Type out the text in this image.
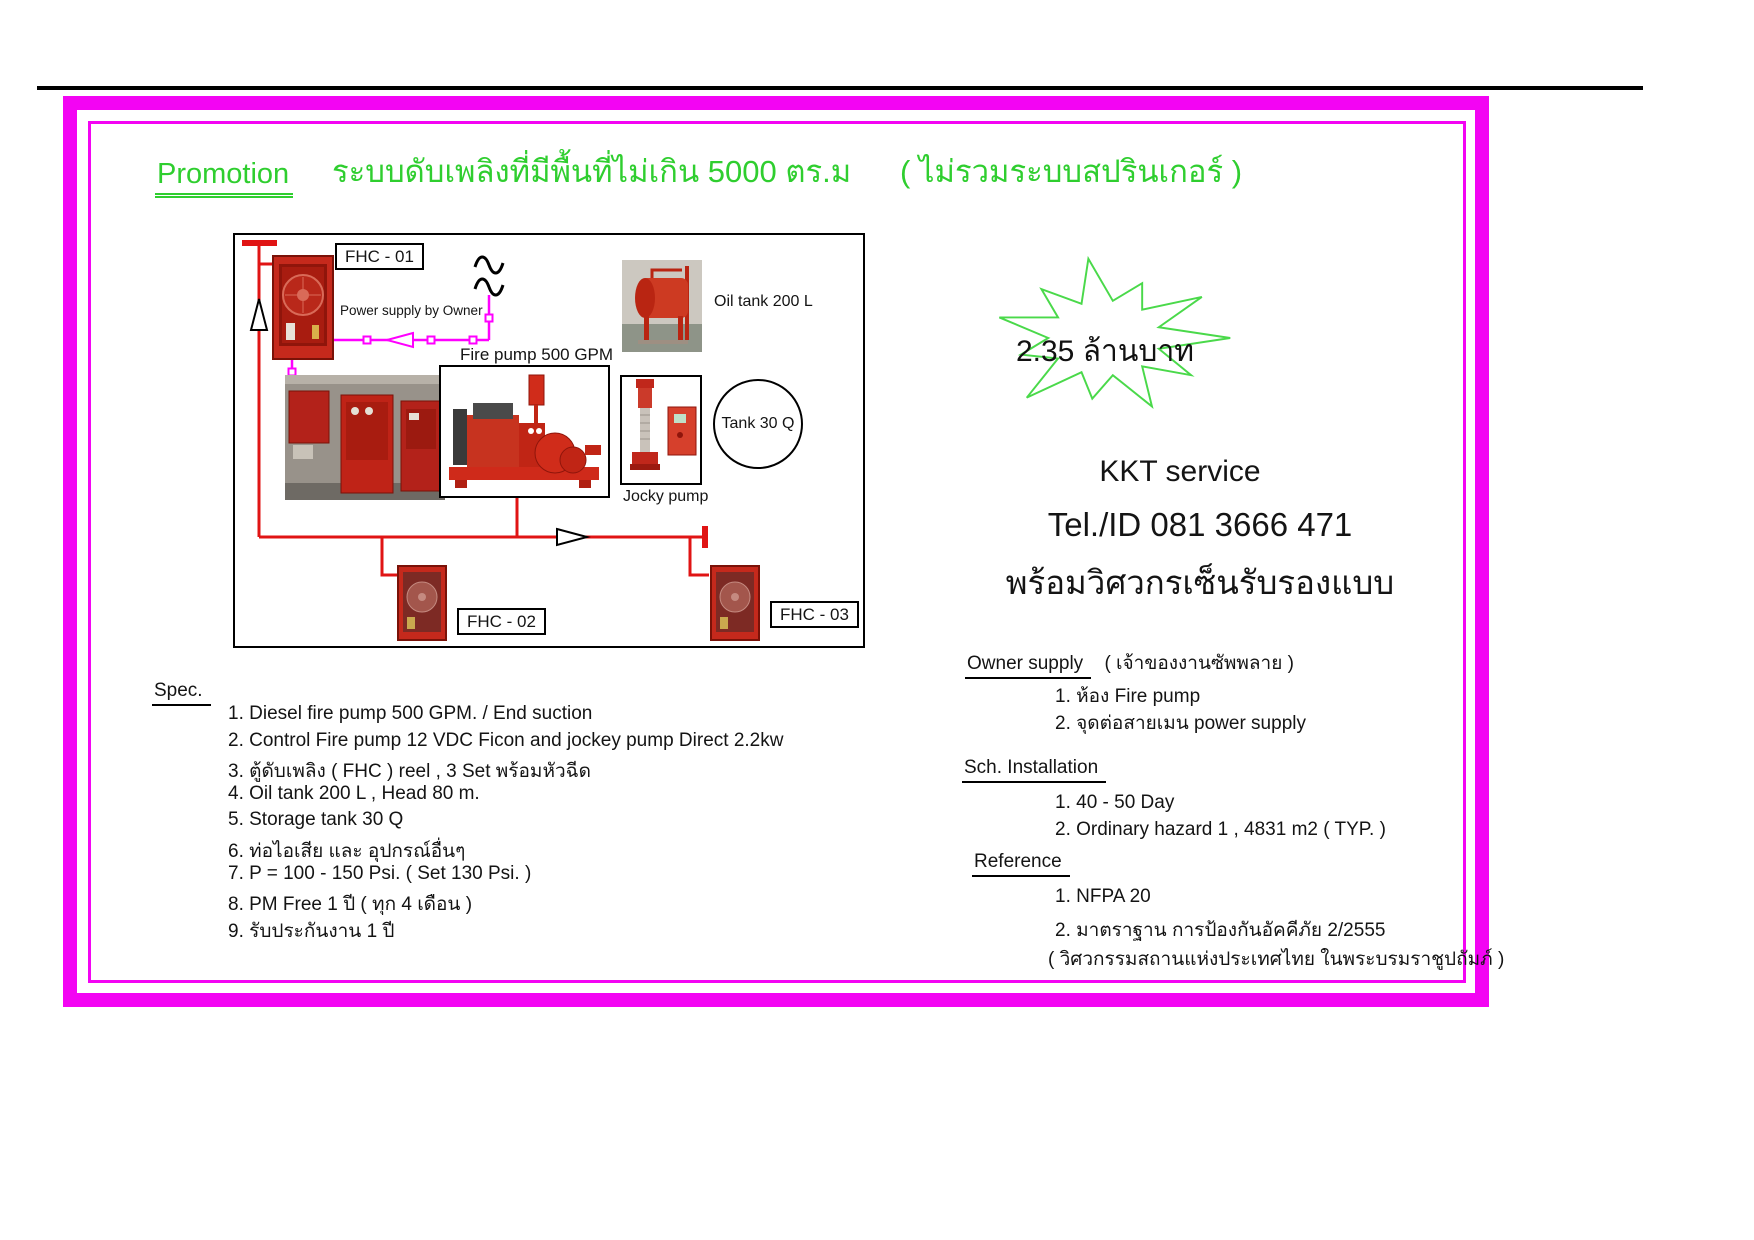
Promotion ระบบดับเพลิงที่มีพื้นที่ไม่เกิน 5000 ตร.ม ( ไม่รวมระบบสปรินเกอร์ )
FHC - 01
Power supply by Owner
Fire pump 500 GPM
Oil tank 200 L
Jocky pump
Tank 30 Q
FHC - 02	FHC - 03
2.35 ล้านบาท
KKT service
Tel./ID 081 3666 471
พร้อมวิศวกรเซ็นรับรองแบบ
Spec.
1. Diesel fire pump 500 GPM. / End suction
2. Control Fire pump 12 VDC Ficon and jockey pump Direct 2.2kw
3. ตู้ดับเพลิง ( FHC ) reel , 3 Set พร้อมหัวฉีด
4. Oil tank 200 L , Head 80 m.
5. Storage tank 30 Q
6. ท่อไอเสีย และ อุปกรณ์อื่นๆ
7. P = 100 - 150 Psi. ( Set 130 Psi. )
8. PM Free 1 ปี ( ทุก 4 เดือน )
9. รับประกันงาน 1 ปี
Owner supply ( เจ้าของงานซัพพลาย )
1. ห้อง Fire pump
2. จุดต่อสายเมน power supply
Sch. Installation
1. 40 - 50 Day
2. Ordinary hazard 1 , 4831 m2 ( TYP. )
Reference
1. NFPA 20
2. มาตราฐาน การป้องกันอัคคีภัย 2/2555
( วิศวกรรมสถานแห่งประเทศไทย ในพระบรมราชูปถัมภ์ )
